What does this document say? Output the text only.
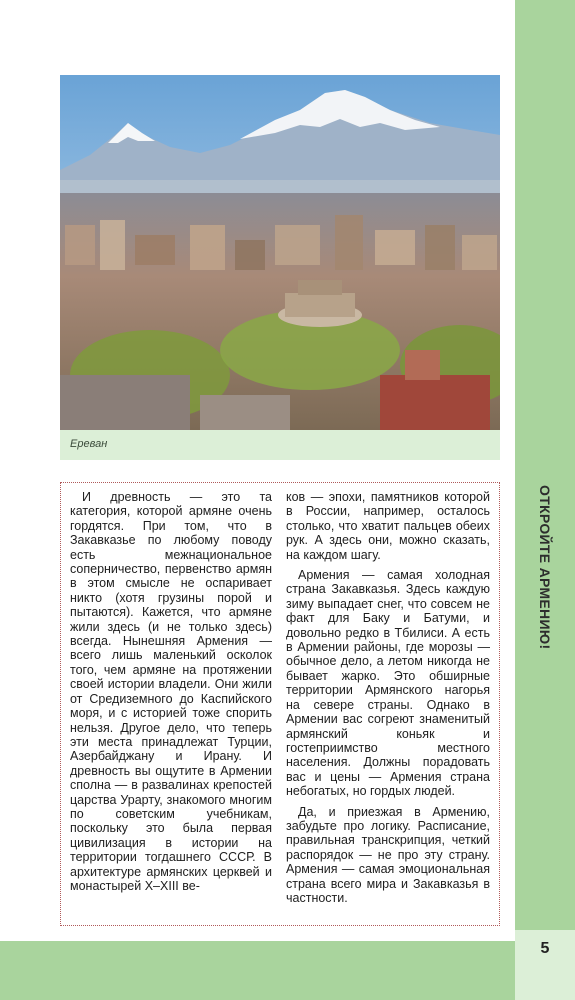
ОТКРОЙТЕ АРМЕНИЮ!
5
Ереван

И древность — это та категория, которой армяне очень гордятся. При том, что в Закавказье по любому поводу есть межнациональное соперничество, первенство армян в этом смысле не оспаривает никто (хотя грузины порой и пытаются). Кажется, что армяне жили здесь (и не только здесь) всегда. Нынешняя Армения — всего лишь маленький осколок того, чем армяне на протяжении своей истории владели. Они жили от Средиземного до Каспийского моря, и с историей тоже спорить нельзя. Другое дело, что теперь эти места принадлежат Турции, Азербайджану и Ирану. И древность вы ощутите в Армении сполна — в развалинах крепостей царства Урарту, знакомого многим по советским учебникам, поскольку это была первая цивилизация в истории на территории тогдашнего СССР. В архитектуре армянских церквей и монастырей X–XIII ве-

ков — эпохи, памятников которой в России, например, осталось столько, что хватит пальцев обеих рук. А здесь они, можно сказать, на каждом шагу.

Армения — самая холодная страна Закавказья. Здесь каждую зиму выпадает снег, что совсем не факт для Баку и Батуми, и довольно редко в Тбилиси. А есть в Армении районы, где морозы — обычное дело, а летом никогда не бывает жарко. Это обширные территории Армянского нагорья на севере страны. Однако в Армении вас согреют знаменитый армянский коньяк и гостеприимство местного населения. Должны порадовать вас и цены — Армения страна небогатых, но гордых людей.

Да, и приезжая в Армению, забудьте про логику. Расписание, правильная транскрипция, четкий распорядок — не про эту страну. Армения — самая эмоциональная страна всего мира и Закавказья в частности.
